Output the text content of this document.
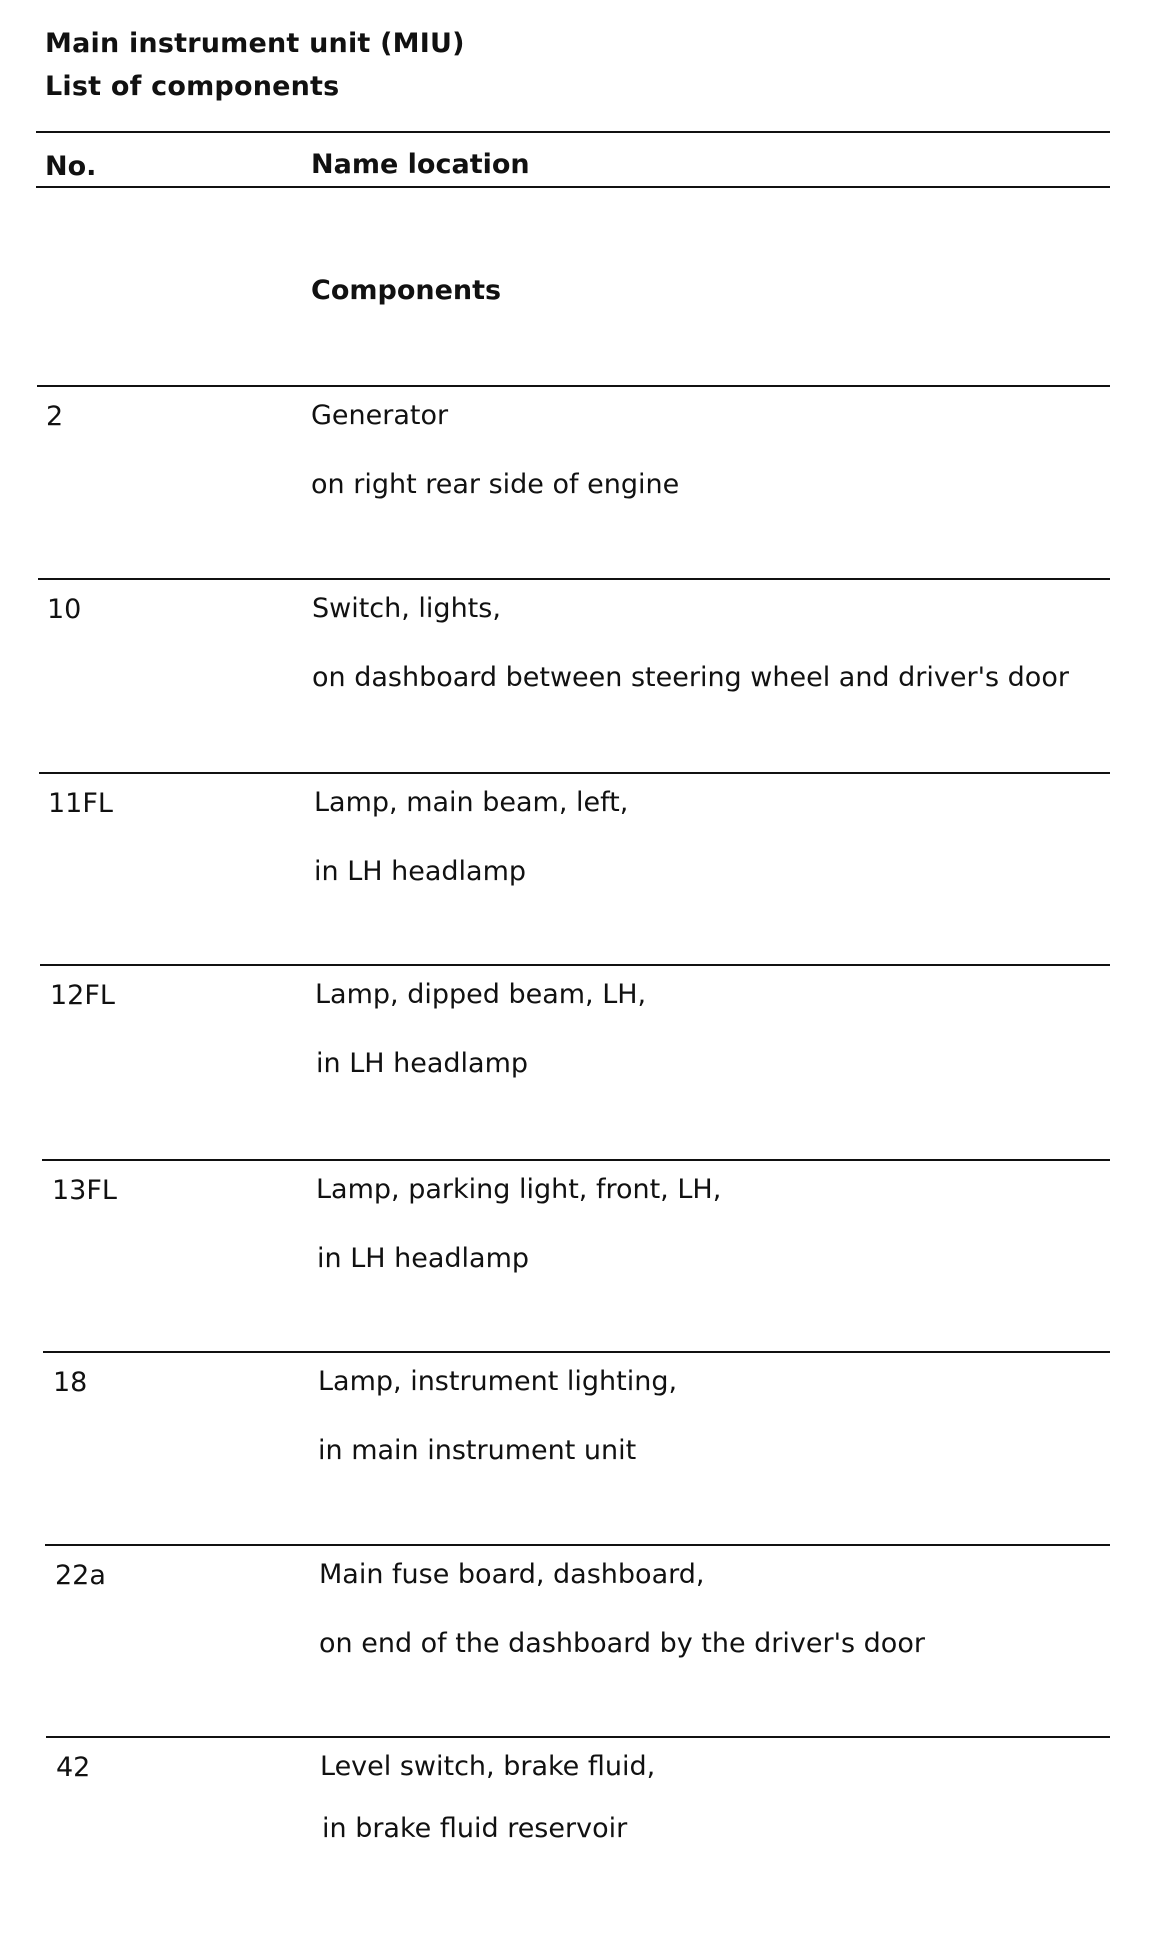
Main instrument unit (MIU)
List of components
No.	Name location
Components
2	Generator
on right rear side of engine
10	Switch, lights,
on dashboard between steering wheel and driver's door
11FL	Lamp, main beam, left,
in LH headlamp
12FL	Lamp, dipped beam, LH,
in LH headlamp
13FL	Lamp, parking light, front, LH,
in LH headlamp
18	Lamp, instrument lighting,
in main instrument unit
22a	Main fuse board, dashboard,
on end of the dashboard by the driver's door
42	Level switch, brake fluid,
in brake fluid reservoir
